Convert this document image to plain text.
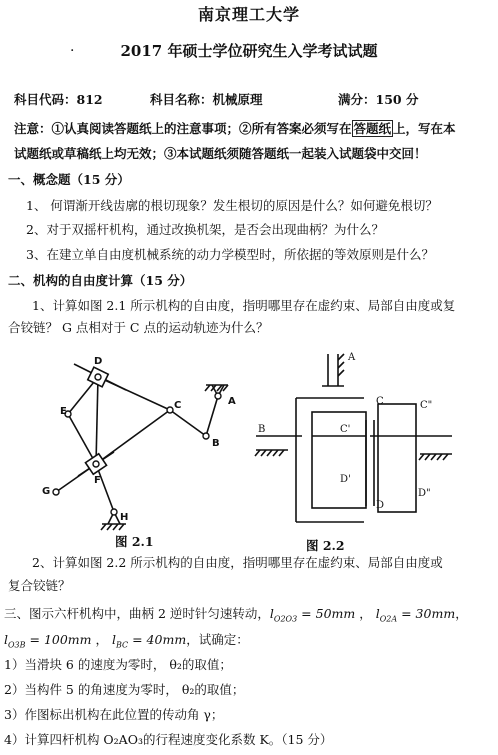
南京理工大学
·	2017 年硕士学位研究生入学考试试题
科目代码：812	科目名称：机械原理	满分：150 分
注意：①认真阅读答题纸上的注意事项；②所有答案必须写在 答题纸 上，写在本
试题纸或草稿纸上均无效；③本试题纸须随答题纸一起装入试题袋中交回！
一、概念题（15 分）
1、 何谓渐开线齿廓的根切现象？发生根切的原因是什么？如何避免根切？
2、对于双摇杆机构，通过改换机架，是否会出现曲柄？为什么？
3、在建立单自由度机械系统的动力学模型时，所依据的等效原则是什么？
二、机构的自由度计算（15 分）
1、计算如图 2.1 所示机构的自由度，指明哪里存在虚约束、局部自由度或复
合铰链？ G 点相对于 C 点的运动轨迹为什么？
D
E
C	A
B
F
G
H
图 2.1
A
B
C
C'
C"
D'
D"
D
图 2.2
2、计算如图 2.2 所示机构的自由度，指明哪里存在虚约束、局部自由度或
复合铰链？
三、图示六杆机构中，曲柄 2 逆时针匀速转动，$l_{O2O3} = 50mm$ ， $l_{O2A} = 30mm$，
$l_{O3B} = 100mm$ ， $l_{BC} = 40mm$，试确定：
1）当滑块 6 的速度为零时， θ₂的取值；
2）当构件 5 的角速度为零时， θ₂的取值；
3）作图标出机构在此位置的传动角 γ；
4）计算四杆机构 O₂AO₃的行程速度变化系数 K。（15 分）
